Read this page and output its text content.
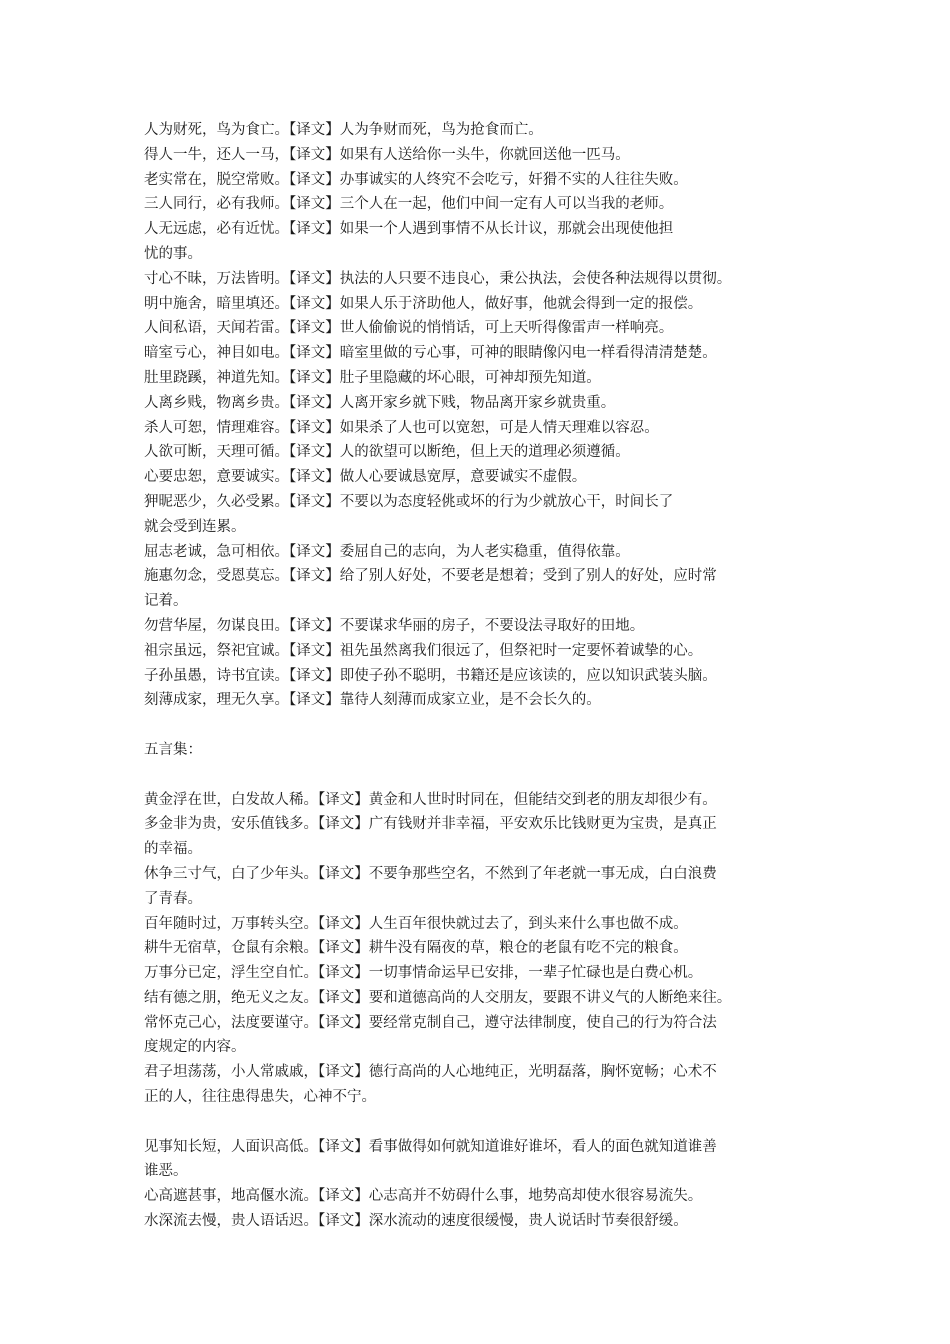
人为财死，鸟为食亡。【译文】人为争财而死，鸟为抢食而亡。
得人一牛，还人一马，【译文】如果有人送给你一头牛，你就回送他一匹马。
老实常在，脱空常败。【译文】办事诚实的人终究不会吃亏，奸猾不实的人往往失败。
三人同行，必有我师。【译文】三个人在一起，他们中间一定有人可以当我的老师。
人无远虑，必有近忧。【译文】如果一个人遇到事情不从长计议，那就会出现使他担
忧的事。
寸心不昧，万法皆明。【译文】执法的人只要不违良心，秉公执法，会使各种法规得以贯彻。
明中施舍，暗里填还。【译文】如果人乐于济助他人，做好事，他就会得到一定的报偿。
人间私语，天闻若雷。【译文】世人偷偷说的悄悄话，可上天听得像雷声一样响亮。
暗室亏心，神目如电。【译文】暗室里做的亏心事，可神的眼睛像闪电一样看得清清楚楚。
肚里跷蹊，神道先知。【译文】肚子里隐藏的坏心眼，可神却预先知道。
人离乡贱，物离乡贵。【译文】人离开家乡就下贱，物品离开家乡就贵重。
杀人可恕，情理难容。【译文】如果杀了人也可以宽恕，可是人情天理难以容忍。
人欲可断，天理可循。【译文】人的欲望可以断绝，但上天的道理必须遵循。
心要忠恕，意要诚实。【译文】做人心要诚恳宽厚，意要诚实不虚假。
狎昵恶少，久必受累。【译文】不要以为态度轻佻或坏的行为少就放心干，时间长了
就会受到连累。
屈志老诚，急可相依。【译文】委屈自己的志向，为人老实稳重，值得依靠。
施惠勿念，受恩莫忘。【译文】给了别人好处，不要老是想着；受到了别人的好处，应时常
记着。
勿营华屋，勿谋良田。【译文】不要谋求华丽的房子，不要设法寻取好的田地。
祖宗虽远，祭祀宜诚。【译文】祖先虽然离我们很远了，但祭祀时一定要怀着诚挚的心。
子孙虽愚，诗书宜读。【译文】即使子孙不聪明，书籍还是应该读的，应以知识武装头脑。
刻薄成家，理无久享。【译文】靠待人刻薄而成家立业，是不会长久的。
五言集：
黄金浮在世，白发故人稀。【译文】黄金和人世时时同在，但能结交到老的朋友却很少有。
多金非为贵，安乐值钱多。【译文】广有钱财并非幸福，平安欢乐比钱财更为宝贵，是真正
的幸福。
休争三寸气，白了少年头。【译文】不要争那些空名，不然到了年老就一事无成，白白浪费
了青春。
百年随时过，万事转头空。【译文】人生百年很快就过去了，到头来什么事也做不成。
耕牛无宿草，仓鼠有余粮。【译文】耕牛没有隔夜的草，粮仓的老鼠有吃不完的粮食。
万事分已定，浮生空自忙。【译文】一切事情命运早已安排，一辈子忙碌也是白费心机。
结有德之朋，绝无义之友。【译文】要和道德高尚的人交朋友，要跟不讲义气的人断绝来往。
常怀克己心，法度要谨守。【译文】要经常克制自己，遵守法律制度，使自己的行为符合法
度规定的内容。
君子坦荡荡，小人常戚戚，【译文】德行高尚的人心地纯正，光明磊落，胸怀宽畅；心术不
正的人，往往患得患失，心神不宁。
见事知长短，人面识高低。【译文】看事做得如何就知道谁好谁坏，看人的面色就知道谁善
谁恶。
心高遮甚事，地高偃水流。【译文】心志高并不妨碍什么事，地势高却使水很容易流失。
水深流去慢，贵人语话迟。【译文】深水流动的速度很缓慢，贵人说话时节奏很舒缓。
